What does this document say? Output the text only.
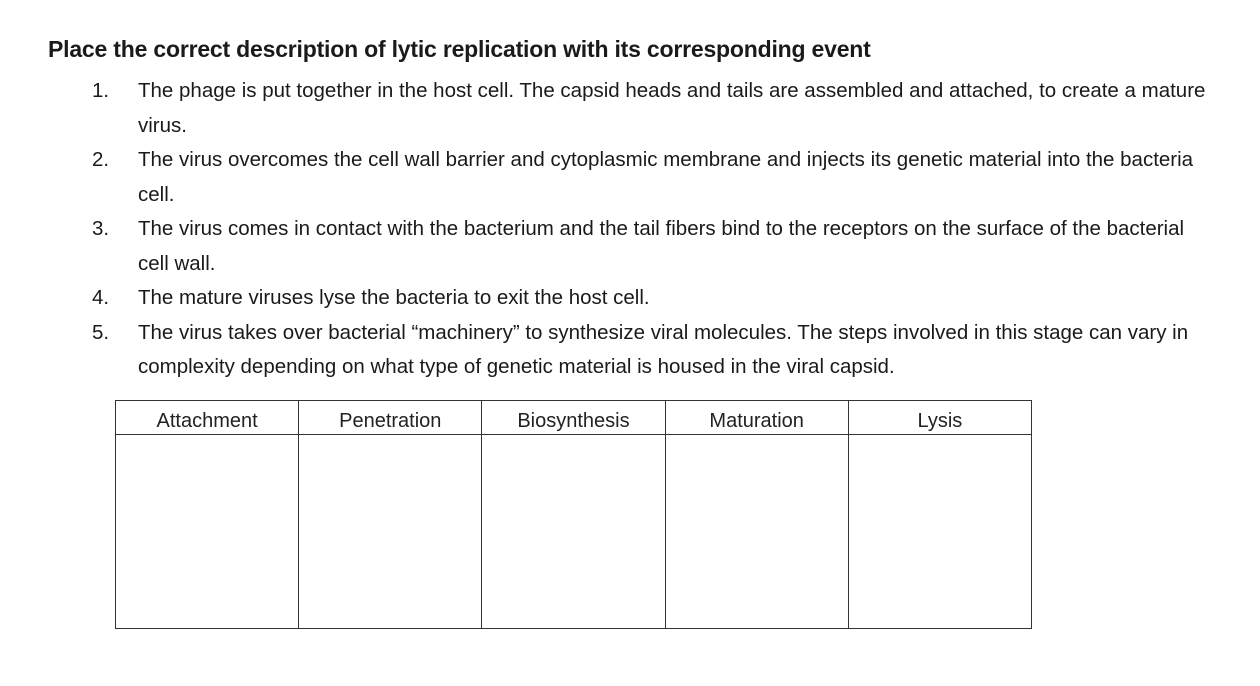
Place the correct description of lytic replication with its corresponding event
1. The phage is put together in the host cell. The capsid heads and tails are assembled and attached, to create a mature virus.
2. The virus overcomes the cell wall barrier and cytoplasmic membrane and injects its genetic material into the bacteria cell.
3. The virus comes in contact with the bacterium and the tail fibers bind to the receptors on the surface of the bacterial cell wall.
4. The mature viruses lyse the bacteria to exit the host cell.
5. The virus takes over bacterial “machinery” to synthesize viral molecules. The steps involved in this stage can vary in complexity depending on what type of genetic material is housed in the viral capsid.
Attachment	Penetration	Biosynthesis	Maturation	Lysis
